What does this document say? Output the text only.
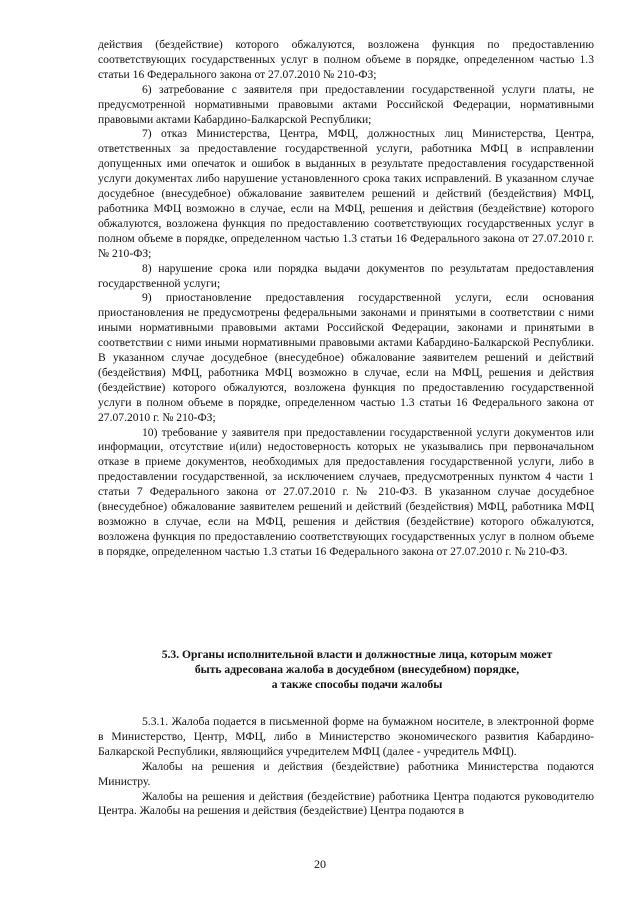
действия (бездействие) которого обжалуются, возложена функция по предоставлению соответствующих государственных услуг в полном объеме в порядке, определенном частью 1.3 статьи 16 Федерального закона от 27.07.2010 № 210-ФЗ;

6) затребование с заявителя при предоставлении государственной услуги платы, не предусмотренной нормативными правовыми актами Российской Федерации, нормативными правовыми актами Кабардино-Балкарской Республики;

7) отказ Министерства, Центра, МФЦ, должностных лиц Министерства, Центра, ответственных за предоставление государственной услуги, работника МФЦ в исправлении допущенных ими опечаток и ошибок в выданных в результате предоставления государственной услуги документах либо нарушение установленного срока таких исправлений. В указанном случае досудебное (внесудебное) обжалование заявителем решений и действий (бездействия) МФЦ, работника МФЦ возможно в случае, если на МФЦ, решения и действия (бездействие) которого обжалуются, возложена функция по предоставлению соответствующих государственных услуг в полном объеме в порядке, определенном частью 1.3 статьи 16 Федерального закона от 27.07.2010 г. № 210-ФЗ;

8) нарушение срока или порядка выдачи документов по результатам предоставления государственной услуги;

9) приостановление предоставления государственной услуги, если основания приостановления не предусмотрены федеральными законами и принятыми в соответствии с ними иными нормативными правовыми актами Российской Федерации, законами и принятыми в соответствии с ними иными нормативными правовыми актами Кабардино-Балкарской Республики. В указанном случае досудебное (внесудебное) обжалование заявителем решений и действий (бездействия) МФЦ, работника МФЦ возможно в случае, если на МФЦ, решения и действия (бездействие) которого обжалуются, возложена функция по предоставлению государственной услуги в полном объеме в порядке, определенном частью 1.3 статьи 16 Федерального закона от 27.07.2010 г. № 210-ФЗ;

10) требование у заявителя при предоставлении государственной услуги документов или информации, отсутствие и(или) недостоверность которых не указывались при первоначальном отказе в приеме документов, необходимых для предоставления государственной услуги, либо в предоставлении государственной, за исключением случаев, предусмотренных пунктом 4 части 1 статьи 7 Федерального закона от 27.07.2010 г. № 210-ФЗ. В указанном случае досудебное (внесудебное) обжалование заявителем решений и действий (бездействия) МФЦ, работника МФЦ возможно в случае, если на МФЦ, решения и действия (бездействие) которого обжалуются, возложена функция по предоставлению соответствующих государственных услуг в полном объеме в порядке, определенном частью 1.3 статьи 16 Федерального закона от 27.07.2010 г. № 210-ФЗ.

5.3. Органы исполнительной власти и должностные лица, которым может
быть адресована жалоба в досудебном (внесудебном) порядке,
а также способы подачи жалобы

5.3.1. Жалоба подается в письменной форме на бумажном носителе, в электронной форме в Министерство, Центр, МФЦ, либо в Министерство экономического развития Кабардино-Балкарской Республики, являющийся учредителем МФЦ (далее - учредитель МФЦ).

Жалобы на решения и действия (бездействие) работника Министерства подаются Министру.

Жалобы на решения и действия (бездействие) работника Центра подаются руководителю Центра. Жалобы на решения и действия (бездействие) Центра подаются в

20
